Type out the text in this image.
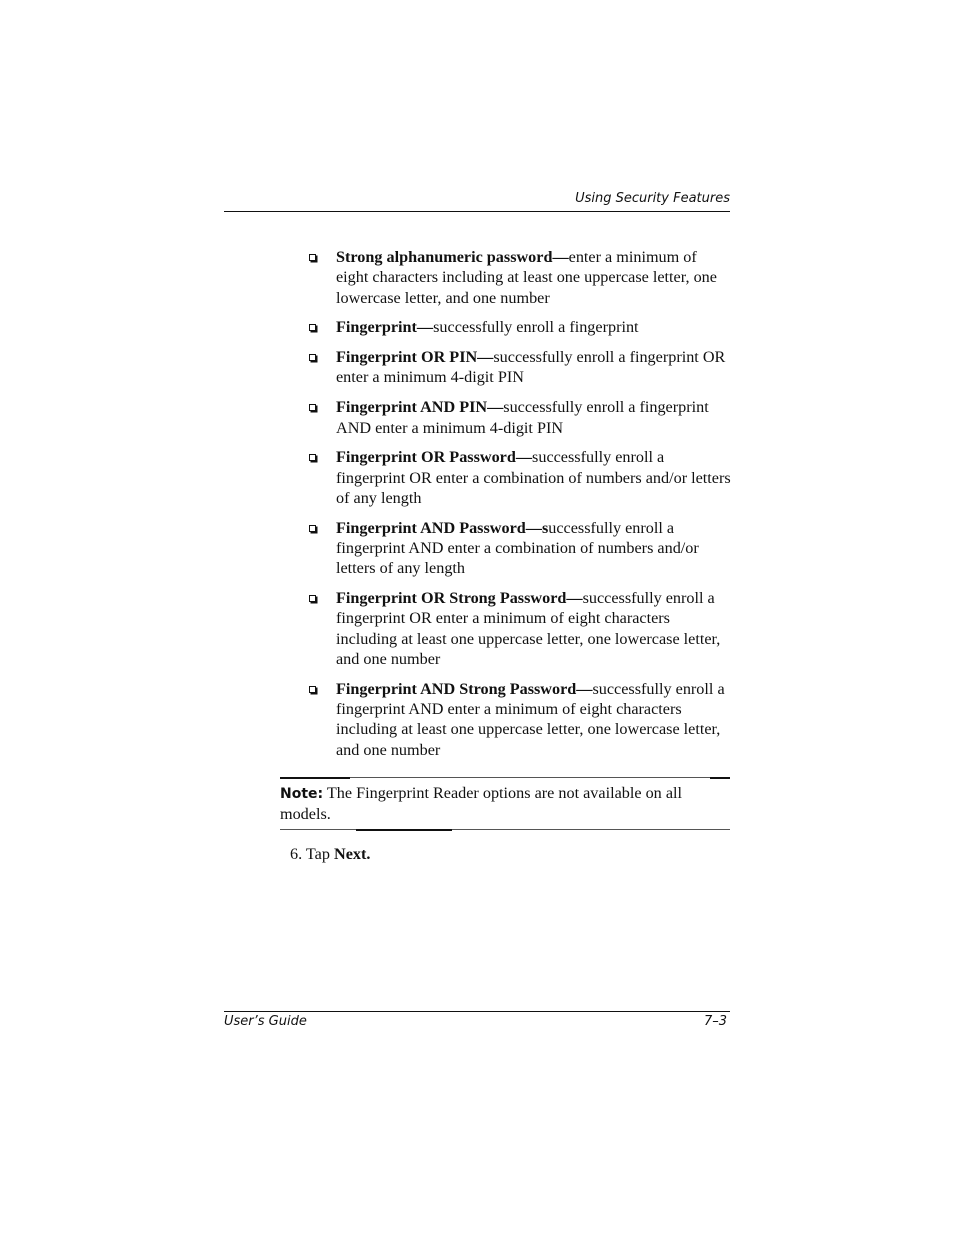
Using Security Features
Strong alphanumeric password—enter a minimum of eight characters including at least one uppercase letter, one lowercase letter, and one number
Fingerprint—successfully enroll a fingerprint
Fingerprint OR PIN—successfully enroll a fingerprint OR enter a minimum 4-digit PIN
Fingerprint AND PIN—successfully enroll a fingerprint AND enter a minimum 4-digit PIN
Fingerprint OR Password—successfully enroll a fingerprint OR enter a combination of numbers and/or letters of any length
Fingerprint AND Password—successfully enroll a fingerprint AND enter a combination of numbers and/or letters of any length
Fingerprint OR Strong Password—successfully enroll a fingerprint OR enter a minimum of eight characters including at least one uppercase letter, one lowercase letter, and one number
Fingerprint AND Strong Password—successfully enroll a fingerprint AND enter a minimum of eight characters including at least one uppercase letter, one lowercase letter, and one number
Note: The Fingerprint Reader options are not available on all models.
6. Tap Next.
User’s Guide	7–3
